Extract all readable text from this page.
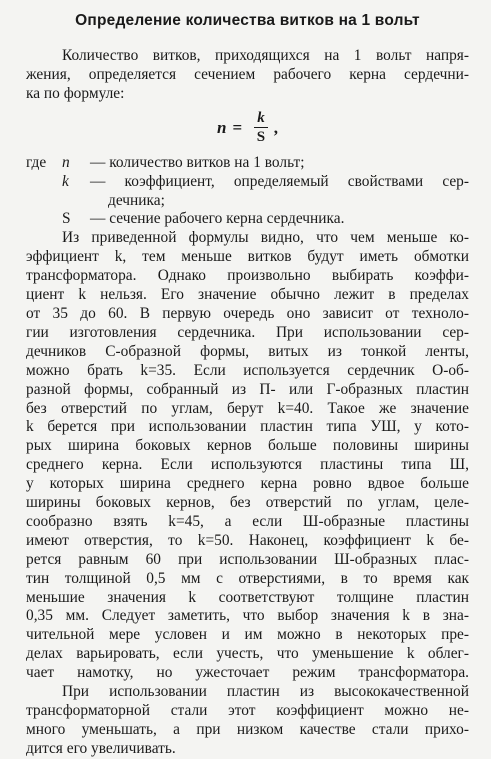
Определение количества витков на 1 вольт
Количество витков, приходящихся на 1 вольт напря-
жения, определяется сечением рабочего керна сердечни-
ка по формуле:
$n = \frac{k}{S}$ ,
где	n	— количество витков на 1 вольт;
k	— коэффициент, определяемый свойствами сер-
дечника;
S	— сечение рабочего керна сердечника.
Из приведенной формулы видно, что чем меньше ко-
эффициент k, тем меньше витков будут иметь обмотки
трансформатора. Однако произвольно выбирать коэффи-
циент k нельзя. Его значение обычно лежит в пределах
от 35 до 60. В первую очередь оно зависит от техноло-
гии изготовления сердечника. При использовании сер-
дечников С-образной формы, витых из тонкой ленты,
можно брать k=35. Если используется сердечник О-об-
разной формы, собранный из П- или Г-образных пластин
без отверстий по углам, берут k=40. Такое же значение
k берется при использовании пластин типа УШ, у кото-
рых ширина боковых кернов больше половины ширины
среднего керна. Если используются пластины типа Ш,
у которых ширина среднего керна ровно вдвое больше
ширины боковых кернов, без отверстий по углам, целе-
сообразно взять k=45, а если Ш-образные пластины
имеют отверстия, то k=50. Наконец, коэффициент k бе-
рется равным 60 при использовании Ш-образных плас-
тин толщиной 0,5 мм с отверстиями, в то время как
меньшие значения k соответствуют толщине пластин
0,35 мм. Следует заметить, что выбор значения k в зна-
чительной мере условен и им можно в некоторых пре-
делах варьировать, если учесть, что уменьшение k облег-
чает намотку, но ужесточает режим трансформатора.
При использовании пластин из высококачественной
трансформаторной стали этот коэффициент можно не-
много уменьшать, а при низком качестве стали прихо-
дится его увеличивать.
